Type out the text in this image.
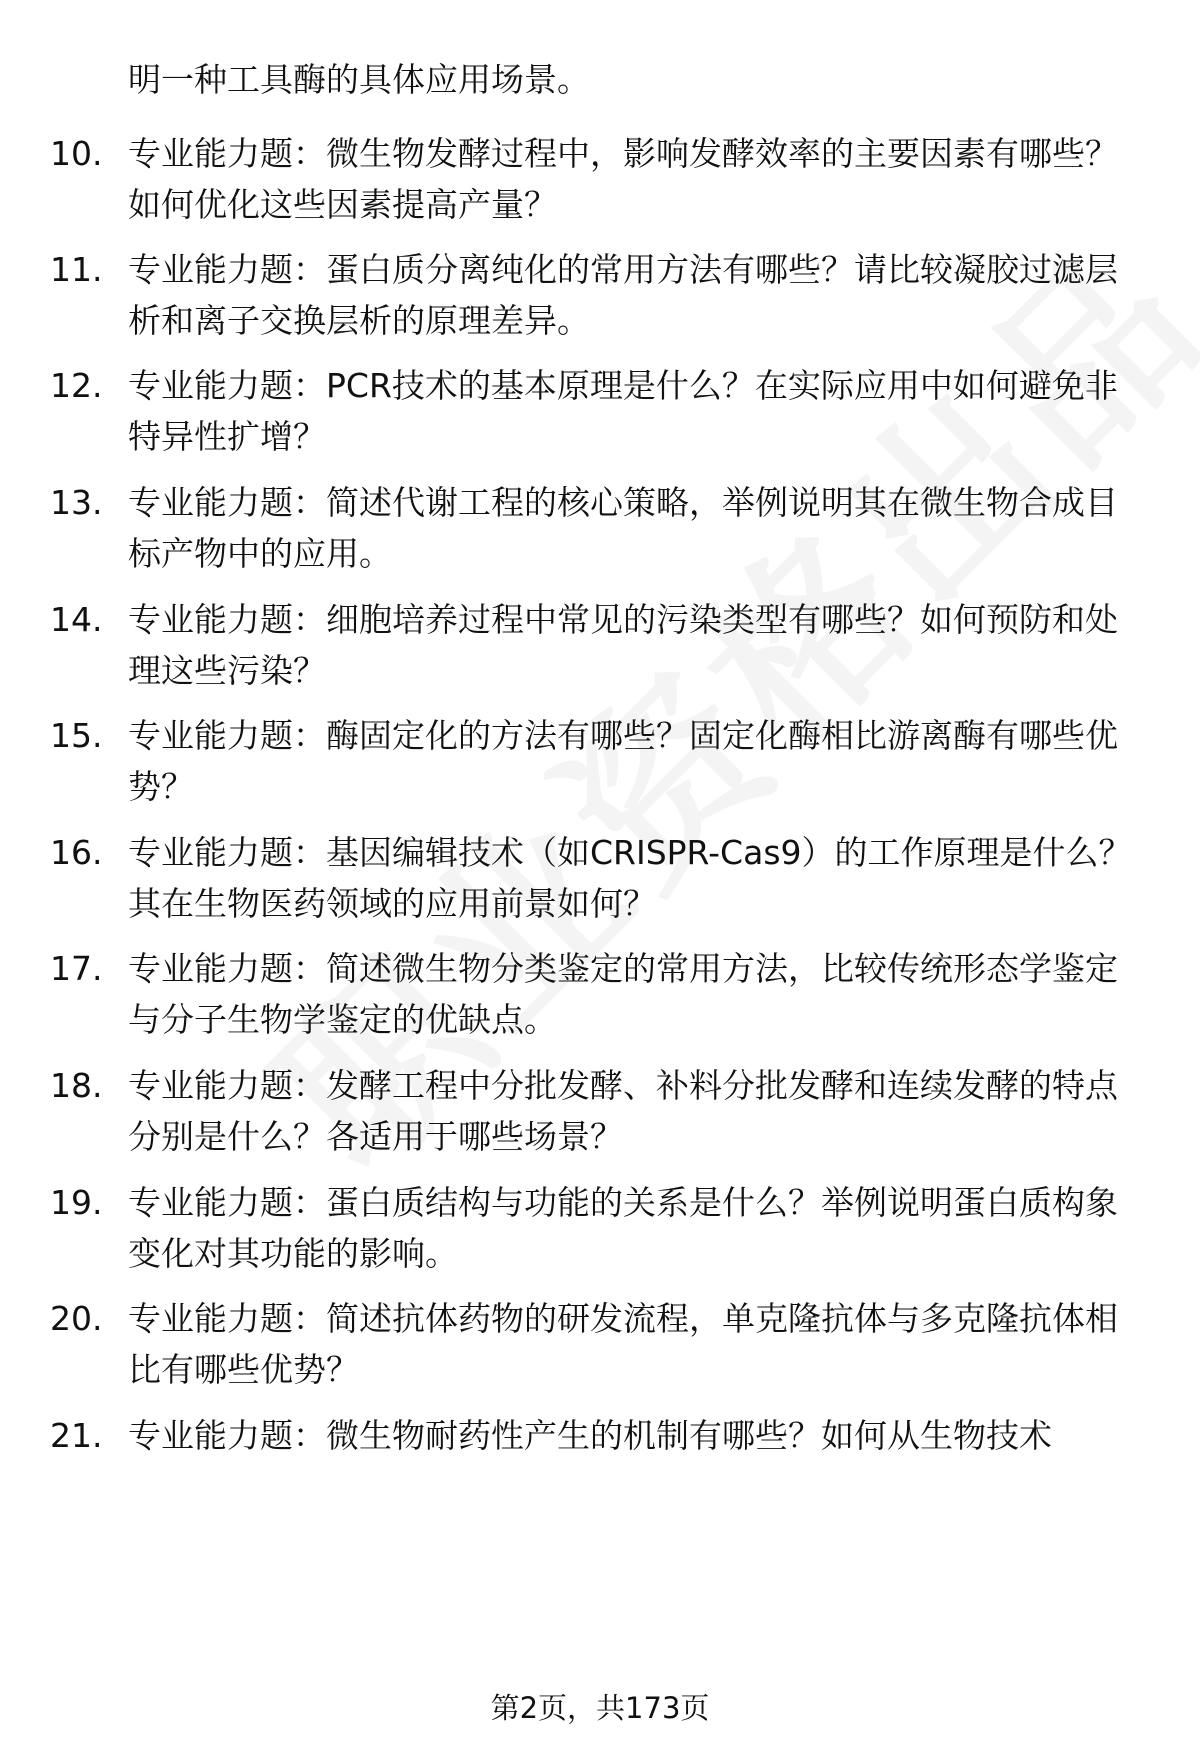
明一种工具酶的具体应用场景。
10. 专业能力题：微生物发酵过程中，影响发酵效率的主要因素有哪些？如何优化这些因素提高产量？
11. 专业能力题：蛋白质分离纯化的常用方法有哪些？请比较凝胶过滤层析和离子交换层析的原理差异。
12. 专业能力题：PCR技术的基本原理是什么？在实际应用中如何避免非特异性扩增？
13. 专业能力题：简述代谢工程的核心策略，举例说明其在微生物合成目标产物中的应用。
14. 专业能力题：细胞培养过程中常见的污染类型有哪些？如何预防和处理这些污染？
15. 专业能力题：酶固定化的方法有哪些？固定化酶相比游离酶有哪些优势？
16. 专业能力题：基因编辑技术（如CRISPR-Cas9）的工作原理是什么？其在生物医药领域的应用前景如何？
17. 专业能力题：简述微生物分类鉴定的常用方法，比较传统形态学鉴定与分子生物学鉴定的优缺点。
18. 专业能力题：发酵工程中分批发酵、补料分批发酵和连续发酵的特点分别是什么？各适用于哪些场景？
19. 专业能力题：蛋白质结构与功能的关系是什么？举例说明蛋白质构象变化对其功能的影响。
20. 专业能力题：简述抗体药物的研发流程，单克隆抗体与多克隆抗体相比有哪些优势？
21. 专业能力题：微生物耐药性产生的机制有哪些？如何从生物技术
第2页，共173页
